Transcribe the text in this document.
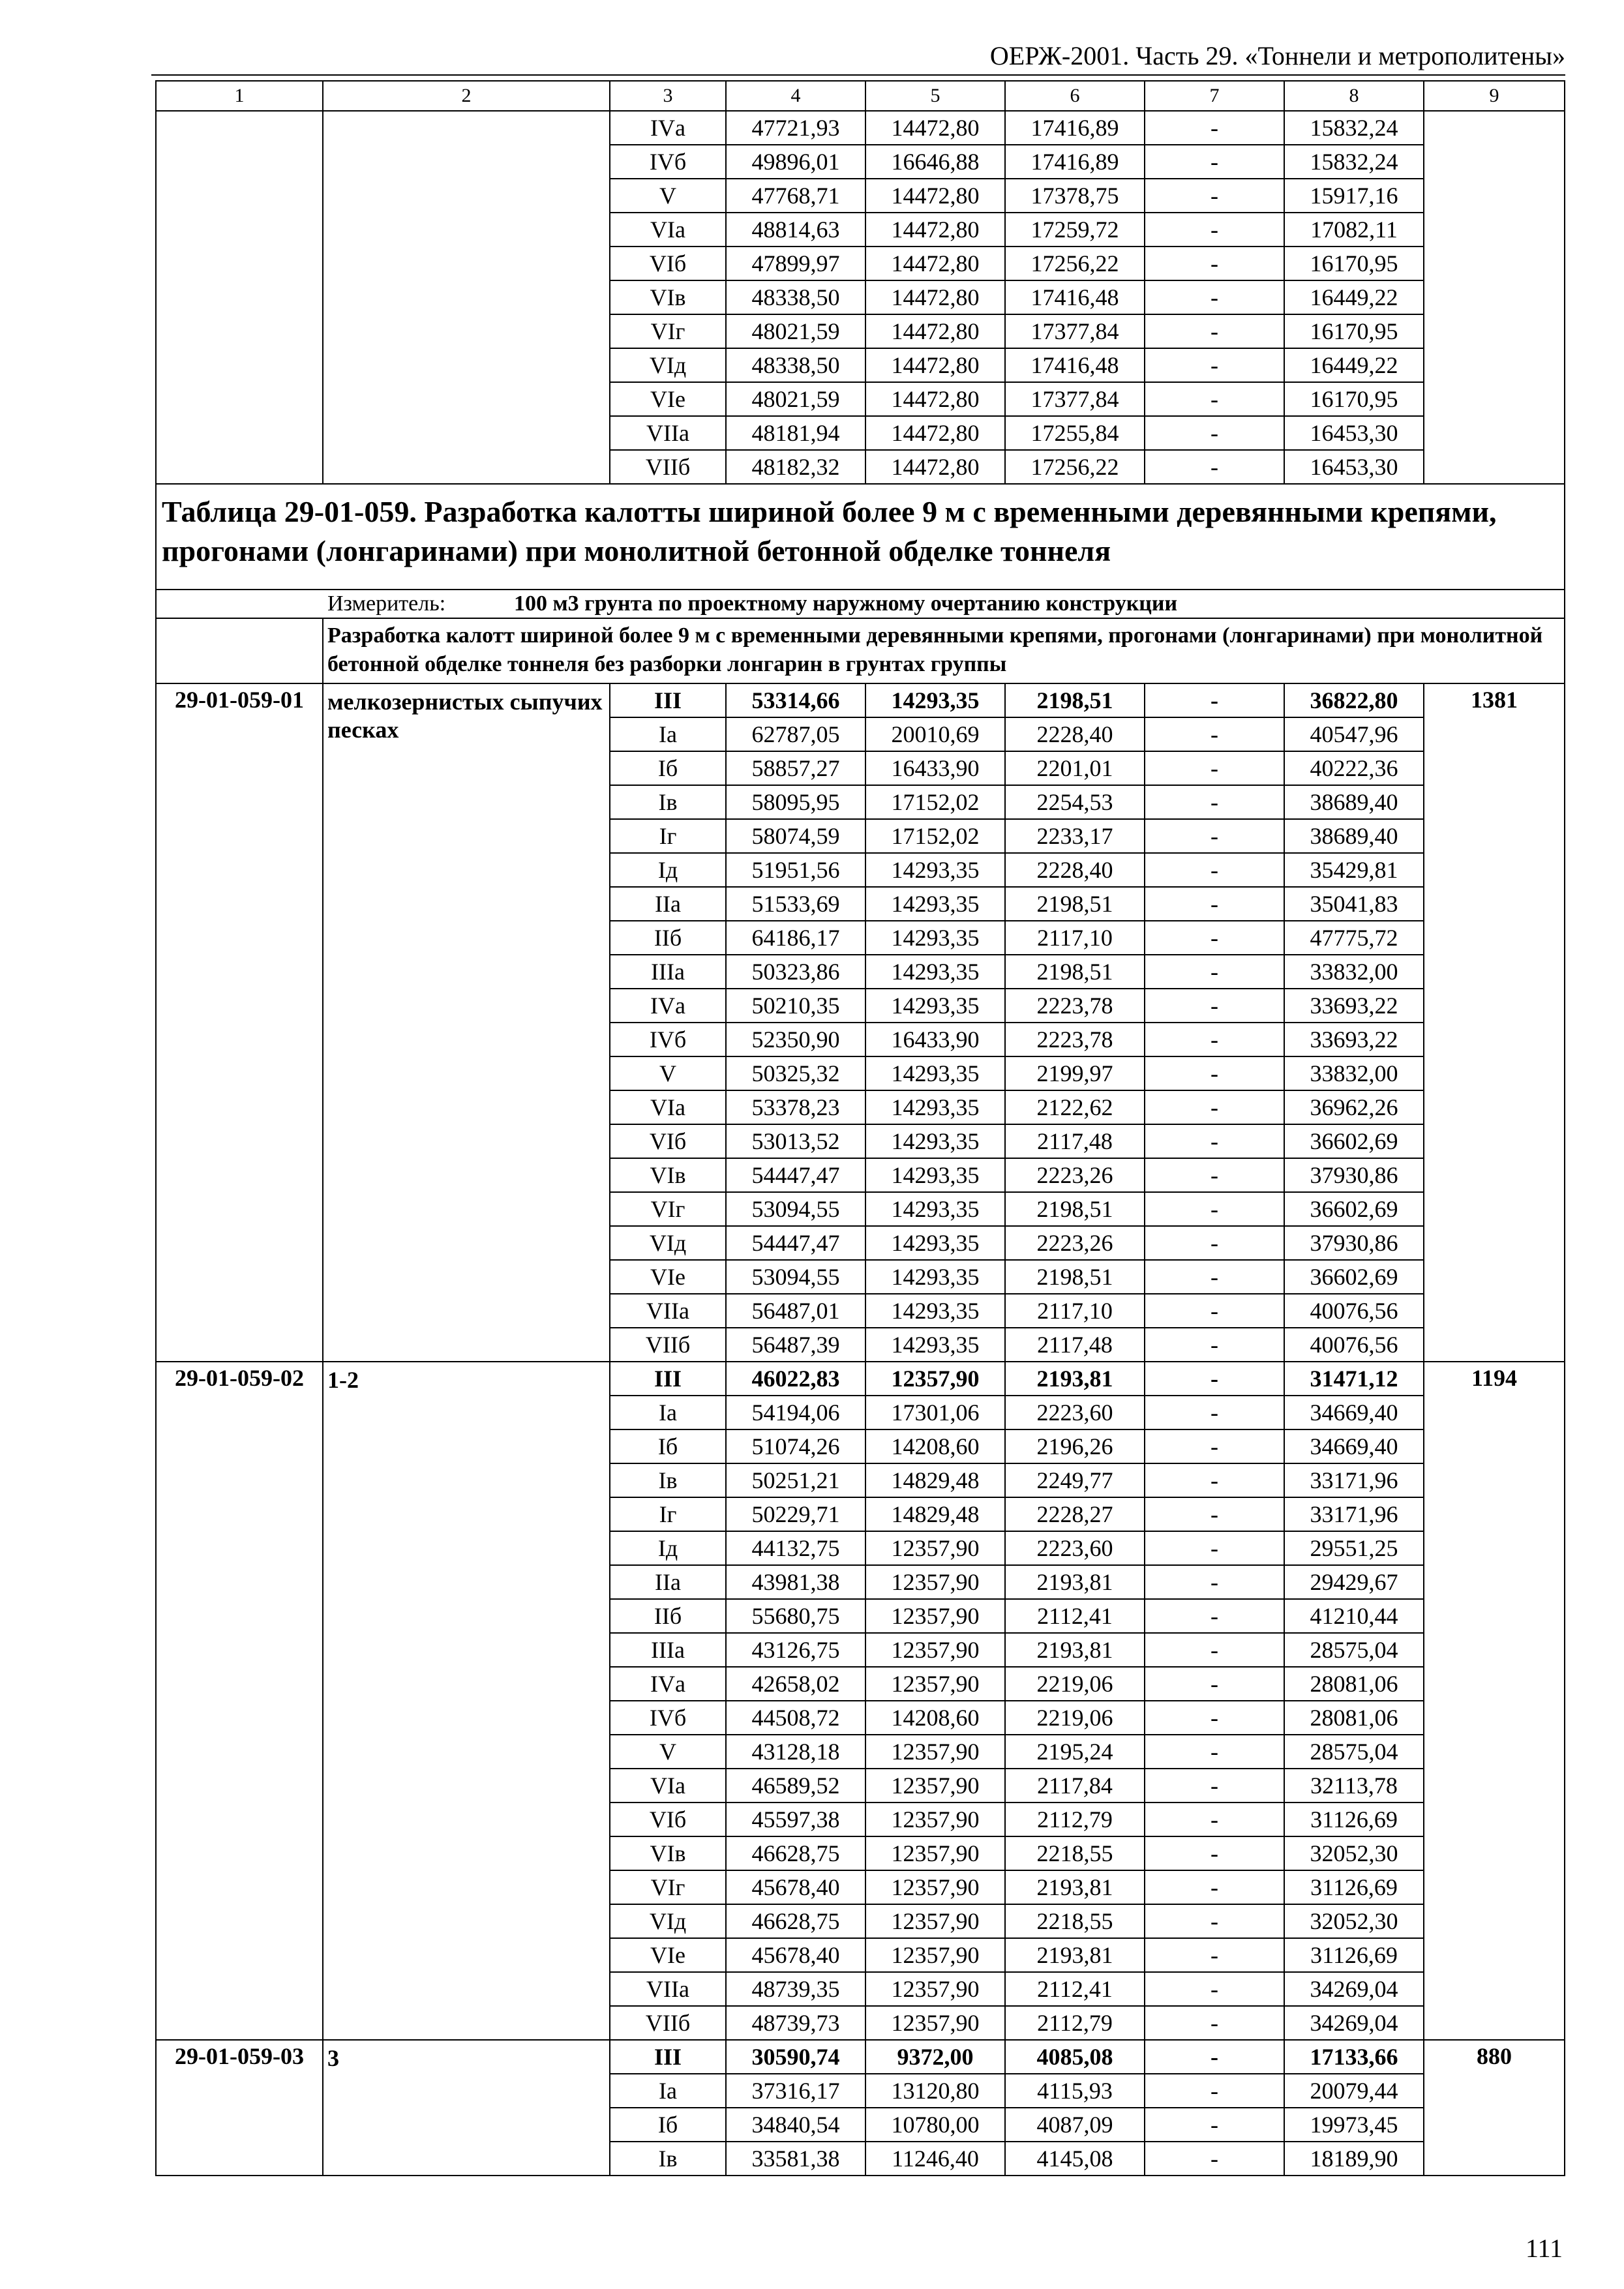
ОЕРЖ-2001. Часть 29. «Тоннели и метрополитены»
1	2	3	4	5	6	7	8	9
		IVа	47721,93	14472,80	17416,89	-	15832,24	
		IVб	49896,01	16646,88	17416,89	-	15832,24	
		V	47768,71	14472,80	17378,75	-	15917,16	
		VIа	48814,63	14472,80	17259,72	-	17082,11	
		VIб	47899,97	14472,80	17256,22	-	16170,95	
		VIв	48338,50	14472,80	17416,48	-	16449,22	
		VIг	48021,59	14472,80	17377,84	-	16170,95	
		VIд	48338,50	14472,80	17416,48	-	16449,22	
		VIе	48021,59	14472,80	17377,84	-	16170,95	
		VIIа	48181,94	14472,80	17255,84	-	16453,30	
		VIIб	48182,32	14472,80	17256,22	-	16453,30	
Таблица 29-01-059. Разработка калотты шириной более 9 м с временными деревянными крепями, прогонами (лонгаринами) при монолитной бетонной обделке тоннеля								
Измеритель: 100 м3 грунта по проектному наружному очертанию конструкции								
	Разработка калотт шириной более 9 м с временными деревянными крепями, прогонами (лонгаринами) при монолитной бетонной обделке тоннеля без разборки лонгарин в грунтах группы							
29-01-059-01	мелкозернистых сыпучих песках	III	53314,66	14293,35	2198,51	-	36822,80	1381
		Iа	62787,05	20010,69	2228,40	-	40547,96	
		Iб	58857,27	16433,90	2201,01	-	40222,36	
		Iв	58095,95	17152,02	2254,53	-	38689,40	
		Iг	58074,59	17152,02	2233,17	-	38689,40	
		Iд	51951,56	14293,35	2228,40	-	35429,81	
		IIа	51533,69	14293,35	2198,51	-	35041,83	
		IIб	64186,17	14293,35	2117,10	-	47775,72	
		IIIа	50323,86	14293,35	2198,51	-	33832,00	
		IVа	50210,35	14293,35	2223,78	-	33693,22	
		IVб	52350,90	16433,90	2223,78	-	33693,22	
		V	50325,32	14293,35	2199,97	-	33832,00	
		VIа	53378,23	14293,35	2122,62	-	36962,26	
		VIб	53013,52	14293,35	2117,48	-	36602,69	
		VIв	54447,47	14293,35	2223,26	-	37930,86	
		VIг	53094,55	14293,35	2198,51	-	36602,69	
		VIд	54447,47	14293,35	2223,26	-	37930,86	
		VIе	53094,55	14293,35	2198,51	-	36602,69	
		VIIа	56487,01	14293,35	2117,10	-	40076,56	
		VIIб	56487,39	14293,35	2117,48	-	40076,56	
29-01-059-02	1-2	III	46022,83	12357,90	2193,81	-	31471,12	1194
		Iа	54194,06	17301,06	2223,60	-	34669,40	
		Iб	51074,26	14208,60	2196,26	-	34669,40	
		Iв	50251,21	14829,48	2249,77	-	33171,96	
		Iг	50229,71	14829,48	2228,27	-	33171,96	
		Iд	44132,75	12357,90	2223,60	-	29551,25	
		IIа	43981,38	12357,90	2193,81	-	29429,67	
		IIб	55680,75	12357,90	2112,41	-	41210,44	
		IIIа	43126,75	12357,90	2193,81	-	28575,04	
		IVа	42658,02	12357,90	2219,06	-	28081,06	
		IVб	44508,72	14208,60	2219,06	-	28081,06	
		V	43128,18	12357,90	2195,24	-	28575,04	
		VIа	46589,52	12357,90	2117,84	-	32113,78	
		VIб	45597,38	12357,90	2112,79	-	31126,69	
		VIв	46628,75	12357,90	2218,55	-	32052,30	
		VIг	45678,40	12357,90	2193,81	-	31126,69	
		VIд	46628,75	12357,90	2218,55	-	32052,30	
		VIе	45678,40	12357,90	2193,81	-	31126,69	
		VIIа	48739,35	12357,90	2112,41	-	34269,04	
		VIIб	48739,73	12357,90	2112,79	-	34269,04	
29-01-059-03	3	III	30590,74	9372,00	4085,08	-	17133,66	880
		Iа	37316,17	13120,80	4115,93	-	20079,44	
		Iб	34840,54	10780,00	4087,09	-	19973,45	
		Iв	33581,38	11246,40	4145,08	-	18189,90	
111
